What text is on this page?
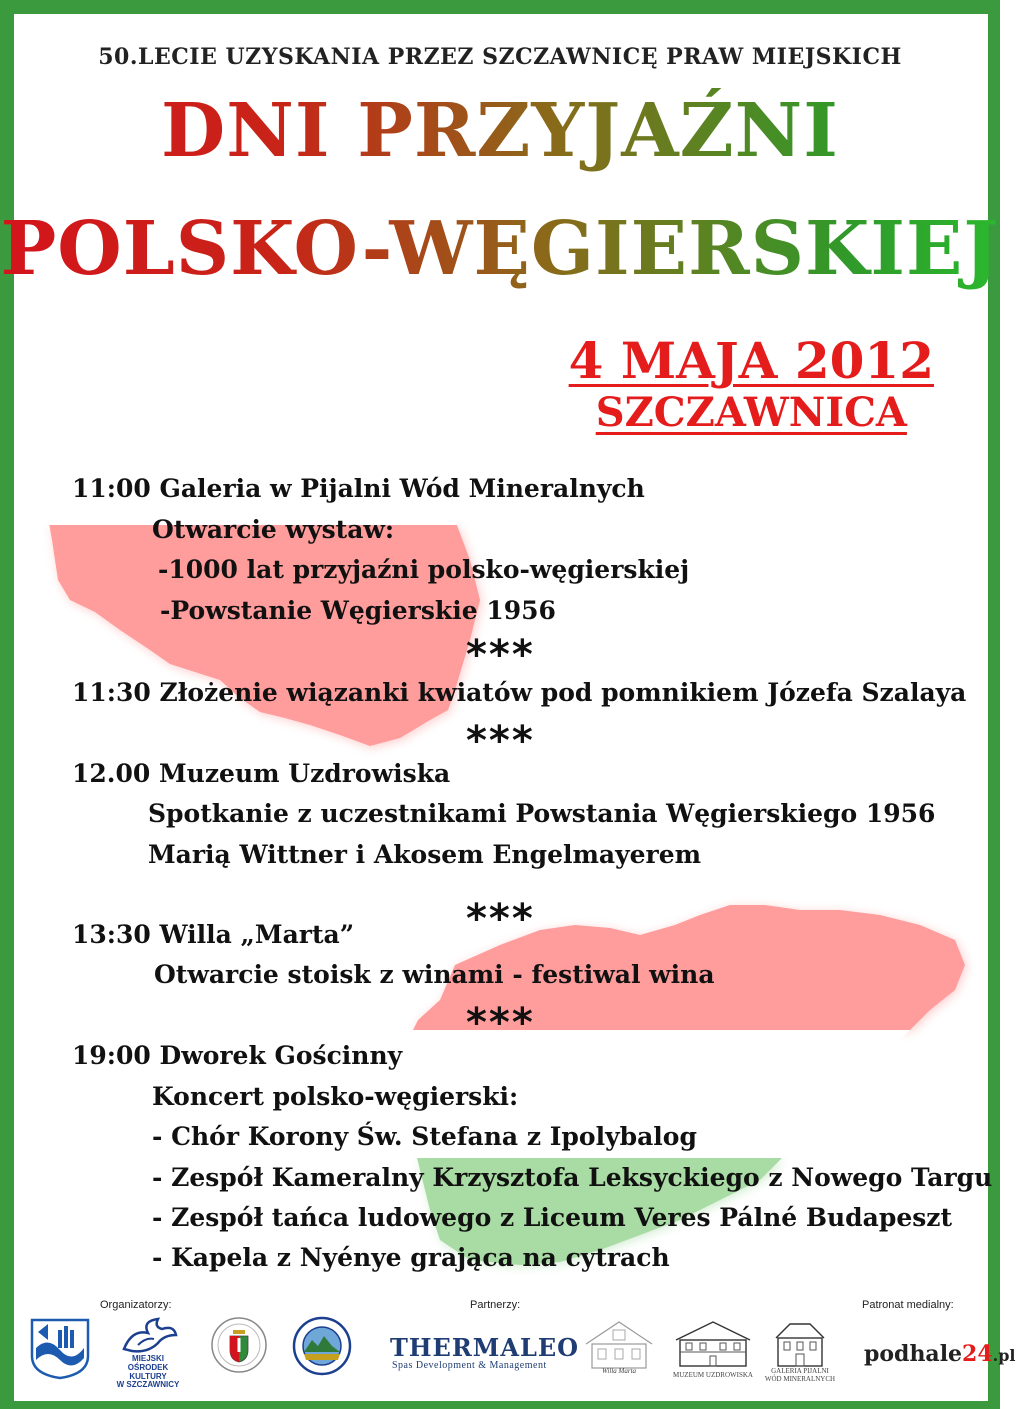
50.LECIE UZYSKANIA PRZEZ SZCZAWNICĘ PRAW MIEJSKICH
DNI PRZYJAŹNI
POLSKO-WĘGIERSKIEJ
4 MAJA 2012
SZCZAWNICA
11:00 Galeria w Pijalni Wód Mineralnych
Otwarcie wystaw:
-1000 lat przyjaźni polsko-węgierskiej
-Powstanie Węgierskie 1956
***
11:30 Złożenie wiązanki kwiatów pod pomnikiem Józefa Szalaya
***
12.00 Muzeum Uzdrowiska
Spotkanie z uczestnikami Powstania Węgierskiego 1956
Marią Wittner i Akosem Engelmayerem
***
13:30 Willa „Marta”
Otwarcie stoisk z winami - festiwal wina
***
19:00 Dworek Gościnny
Koncert polsko-węgierski:
- Chór Korony Św. Stefana z Ipolybalog
- Zespół Kameralny Krzysztofa Leksyckiego z Nowego Targu
- Zespół tańca ludowego z Liceum Veres Pálné Budapeszt
- Kapela z Nyénye grająca na cytrach
Organizatorzy:	Partnerzy:	Patronat medialny:
MIEJSKI
OŚRODEK KULTURY
W SZCZAWNICY
THERMALEO
Spas Development & Management	Willa Marta	MUZEUM UZDROWISKA	GALERIA PIJALNI
WÓD MINERALNYCH
podhale24.pl
